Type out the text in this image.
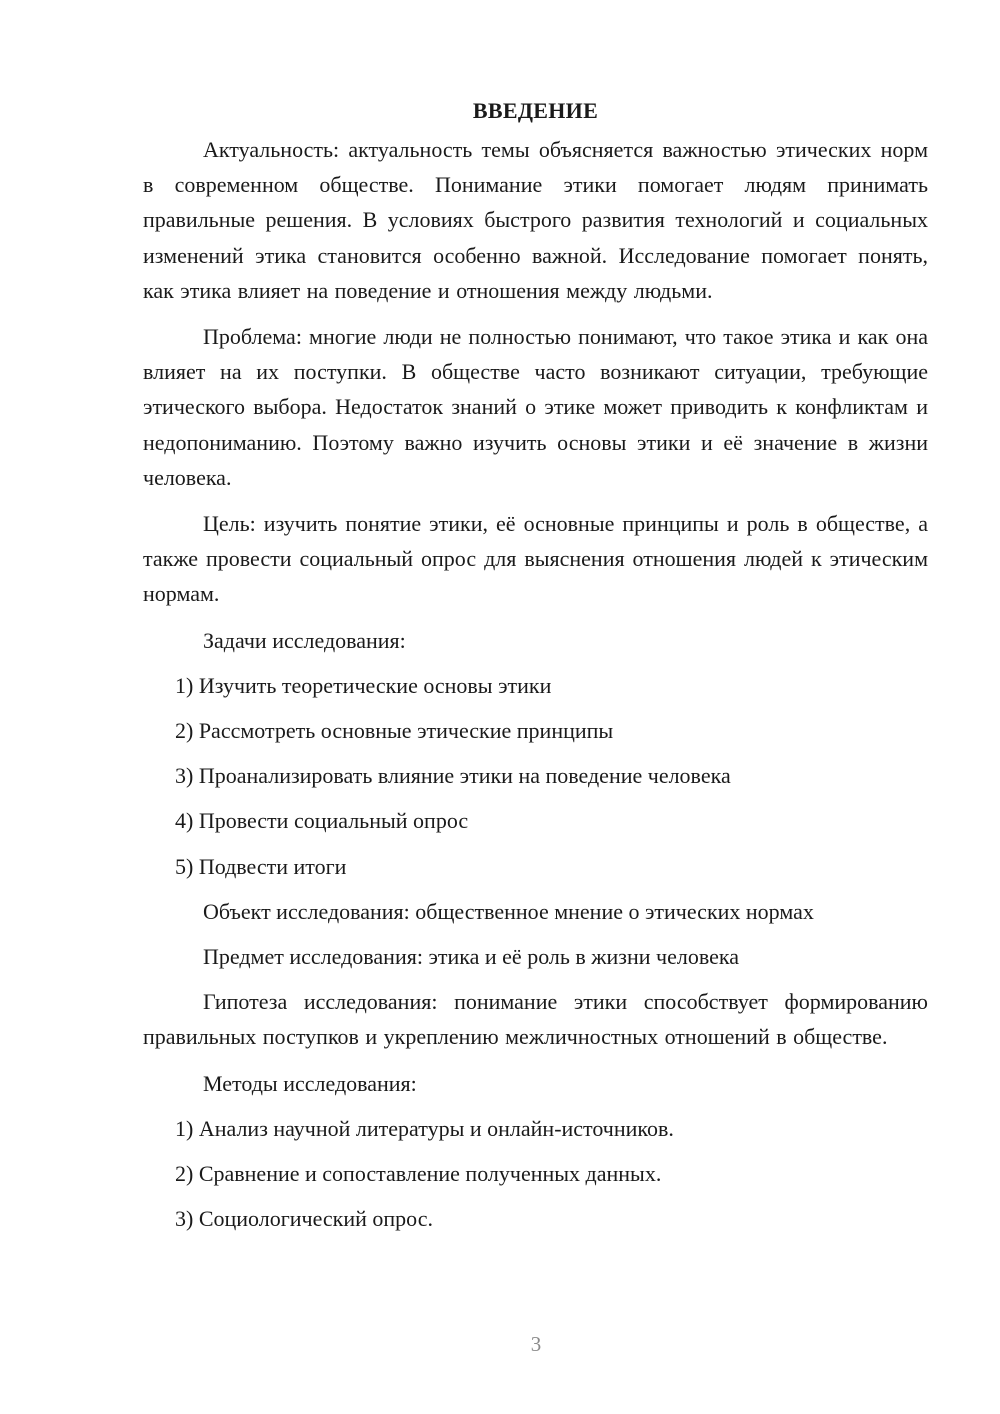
ВВЕДЕНИЕ

Актуальность: актуальность темы объясняется важностью этических норм в современном обществе. Понимание этики помогает людям принимать правильные решения. В условиях быстрого развития технологий и социальных изменений этика становится особенно важной. Исследование помогает понять, как этика влияет на поведение и отношения между людьми.

Проблема: многие люди не полностью понимают, что такое этика и как она влияет на их поступки. В обществе часто возникают ситуации, требующие этического выбора. Недостаток знаний о этике может приводить к конфликтам и недопониманию. Поэтому важно изучить основы этики и её значение в жизни человека.

Цель: изучить понятие этики, её основные принципы и роль в обществе, а также провести социальный опрос для выяснения отношения людей к этическим нормам.

Задачи исследования:
1) Изучить теоретические основы этики
2) Рассмотреть основные этические принципы
3) Проанализировать влияние этики на поведение человека
4) Провести социальный опрос
5) Подвести итоги
Объект исследования: общественное мнение о этических нормах
Предмет исследования: этика и её роль в жизни человека

Гипотеза исследования: понимание этики способствует формированию правильных поступков и укреплению межличностных отношений в обществе.

Методы исследования:
1) Анализ научной литературы и онлайн-источников.
2) Сравнение и сопоставление полученных данных.
3) Социологический опрос.
3
